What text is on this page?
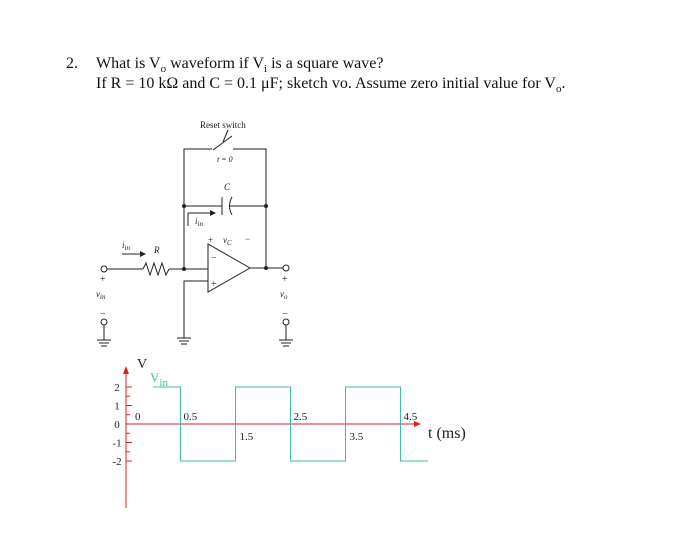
2. What is $V_o$ waveform if $V_i$ is a square wave?
If R = 10 kΩ and C = 0.1 μF; sketch vo. Assume zero initial value for $V_o$.
Reset switch
t = 0
C
$i_{in}$
+ $v_C$ −
$i_{in}$	R
−
+
+
$v_{in}$
−
+
$v_o$
−
2
1
0
-1
-2
0	0.5	2.5	4.5
1.5	3.5
V
$V_{in}$
t (ms)
